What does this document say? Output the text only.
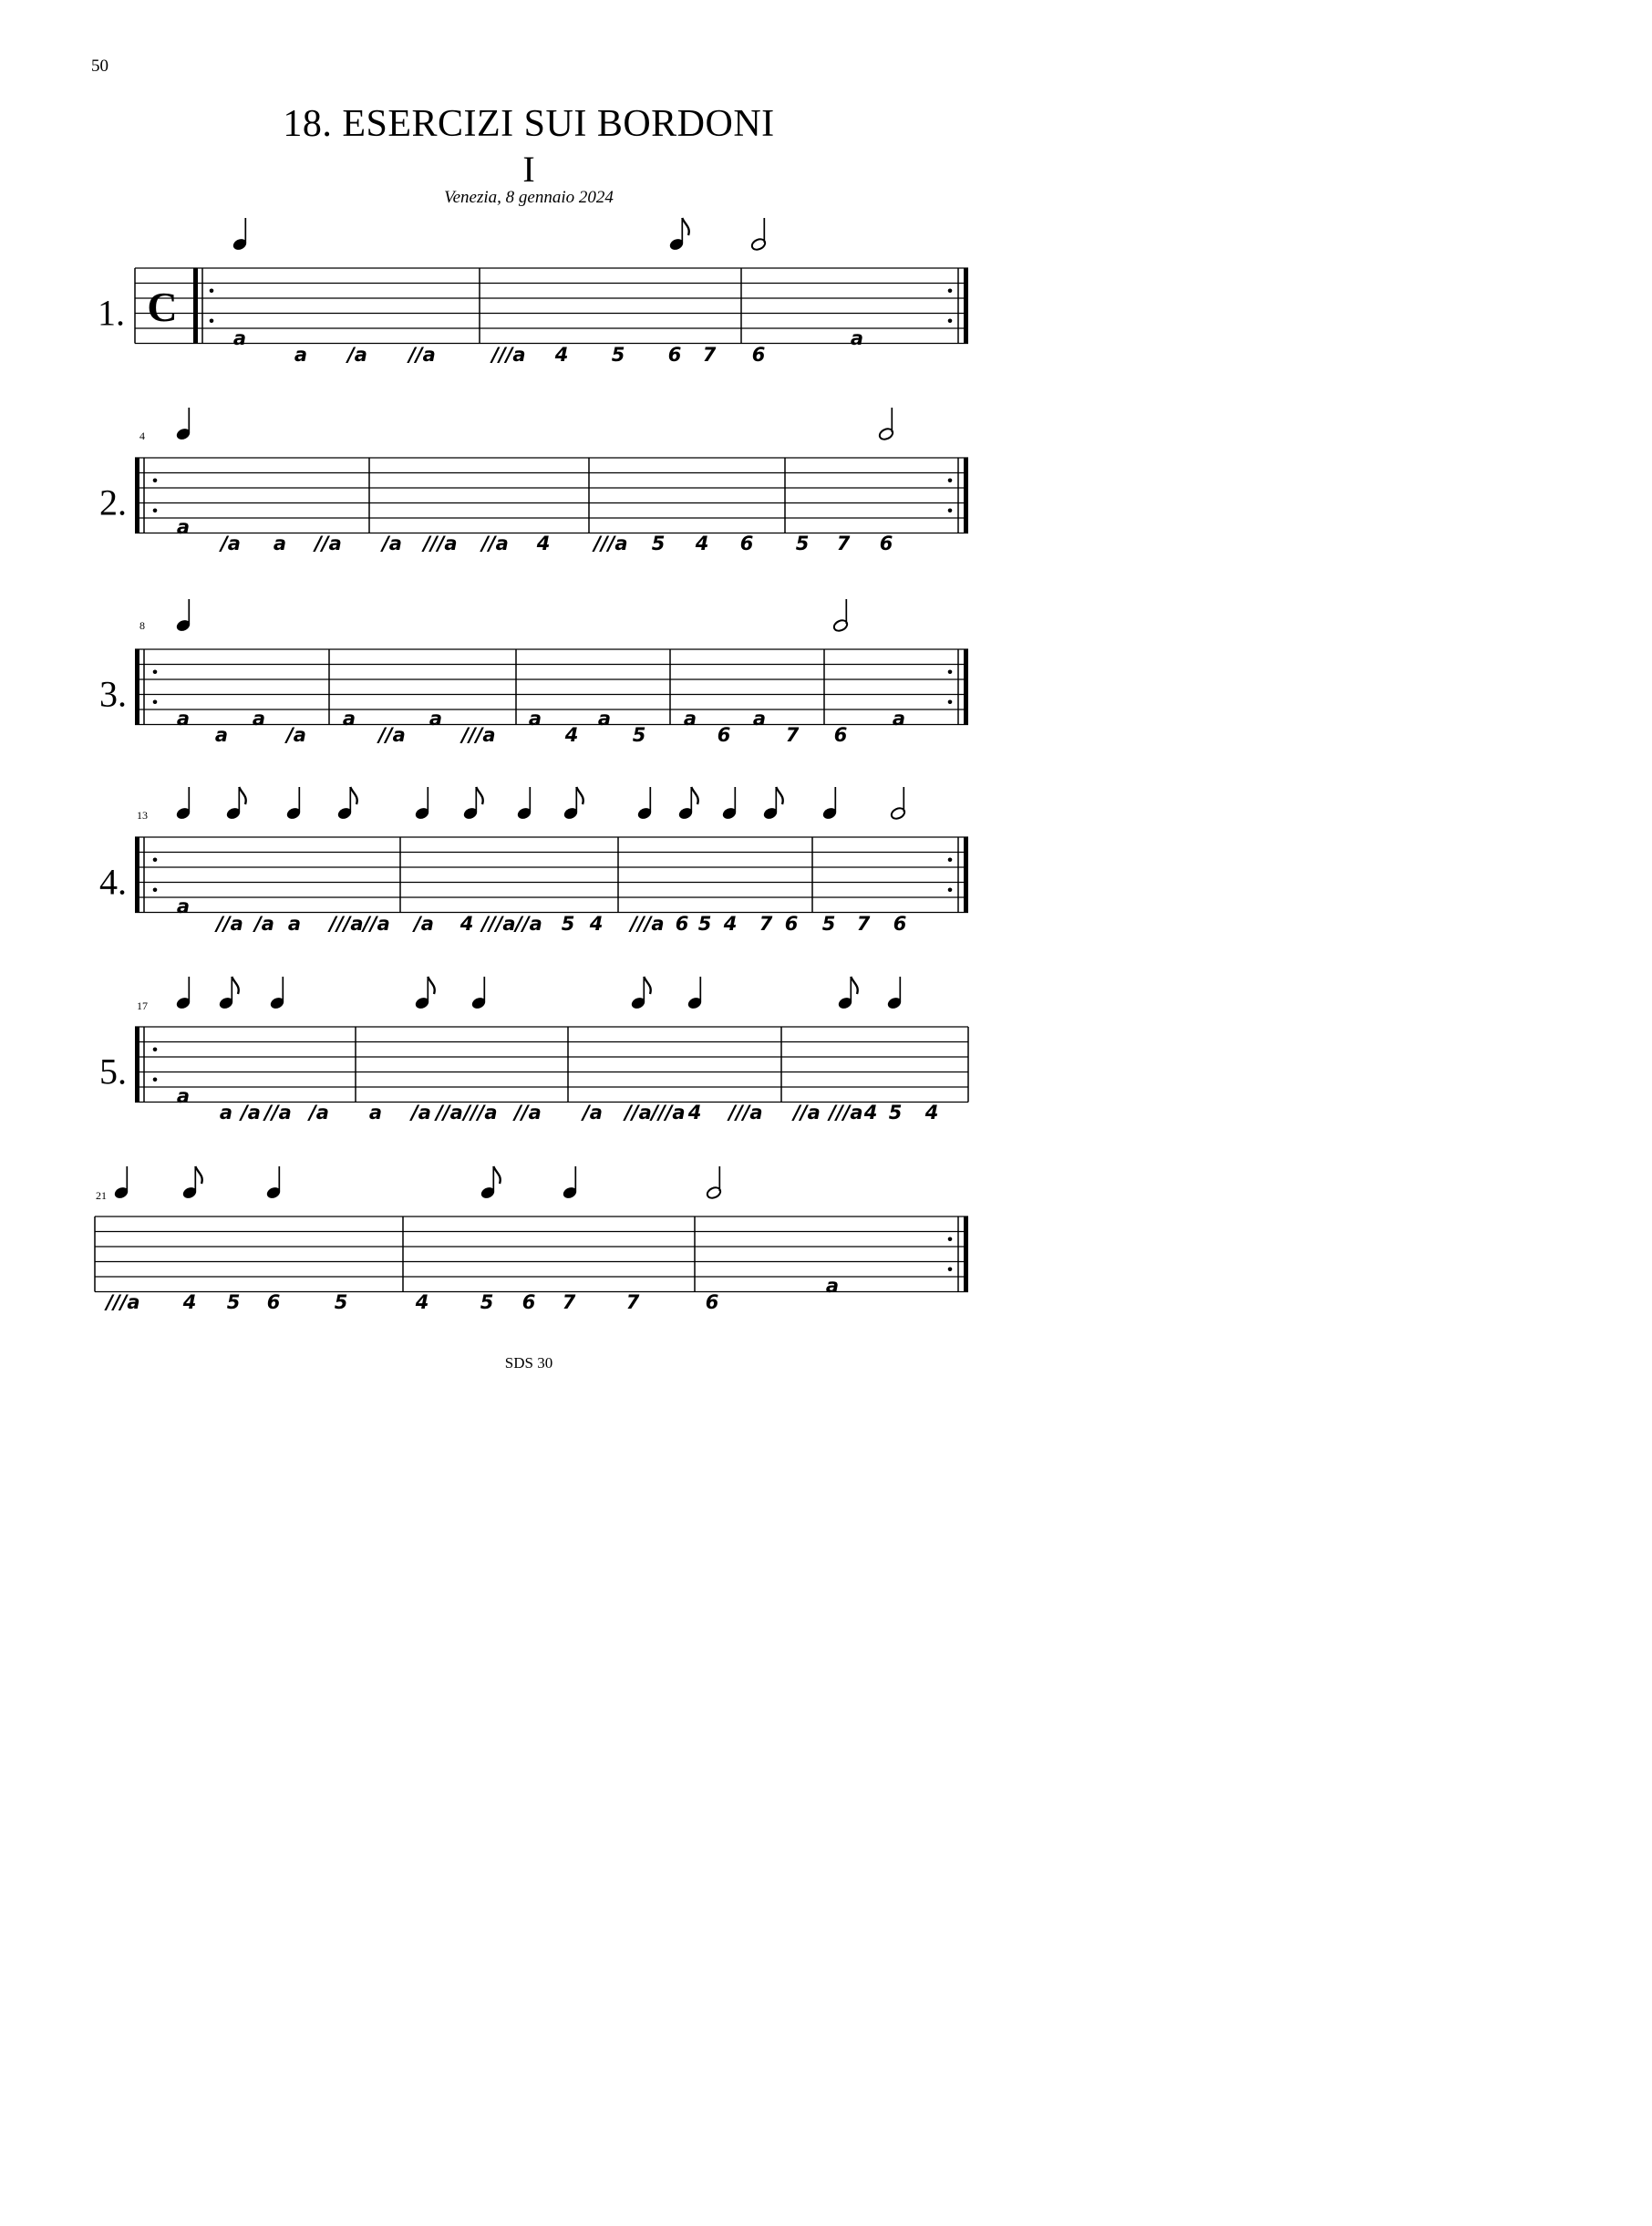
50
18. ESERCIZI SUI BORDONI
I
Venezia, 8 gennaio 2024
C
1.
a	a
a /a //a	///a 4 5 6 7 6
2.
4
a
/a a //a /a ///a //a 4 ///a 5 4 6 5 7 6
3.
8
a	a	a	a	a	a	a	a	a
a	/a	//a	///a	4	5	6	7 6
4.
13
a
//a /a a ///a //a /a 4 ///a //a 5 4 ///a 6 5 4 7 6 5 7 6
5.
17
a
a /a //a /a a /a //a ///a //a /a //a ///a 4 ///a //a ///a 4 5 4
21
a
///a 4 5 6	5	4	5 6 7	7	6
SDS 30
